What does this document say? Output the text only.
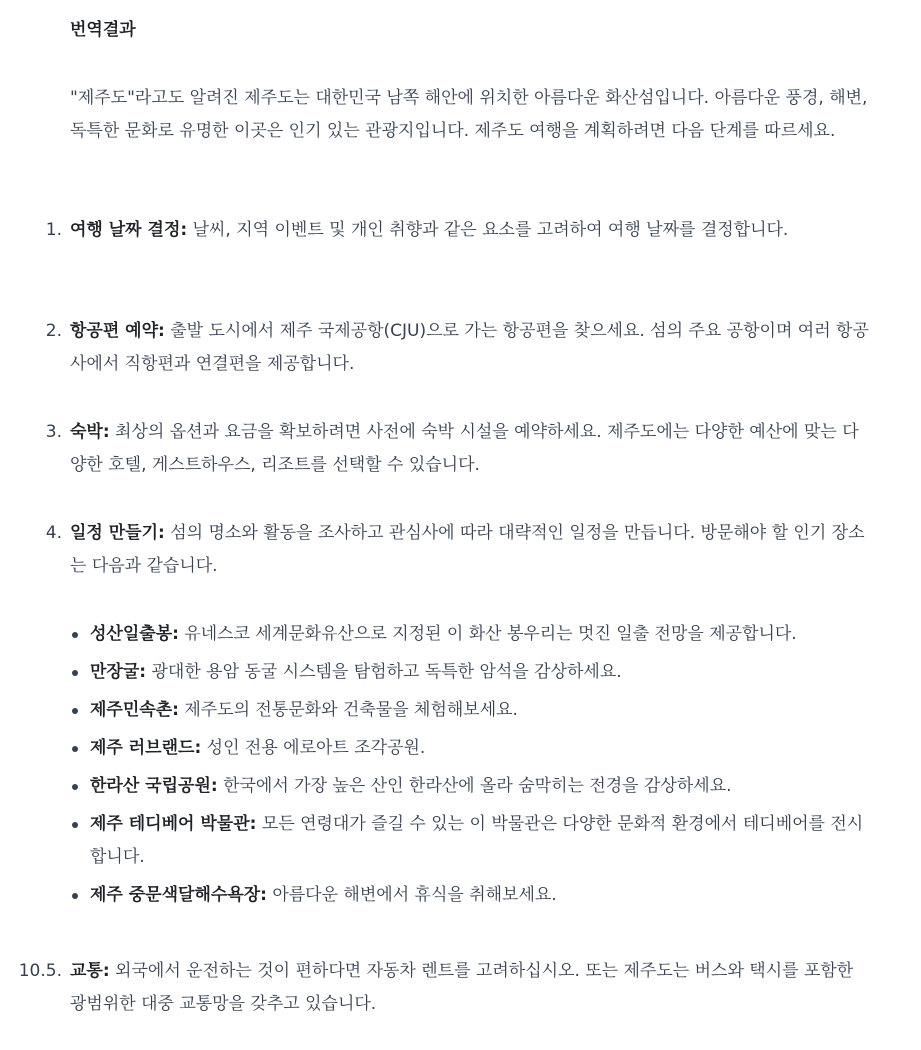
번역결과
"제주도"라고도 알려진 제주도는 대한민국 남쪽 해안에 위치한 아름다운 화산섬입니다. 아름다운 풍경, 해변, 독특한 문화로 유명한 이곳은 인기 있는 관광지입니다. 제주도 여행을 계획하려면 다음 단계를 따르세요.
1. 여행 날짜 결정: 날씨, 지역 이벤트 및 개인 취향과 같은 요소를 고려하여 여행 날짜를 결정합니다.
2. 항공편 예약: 출발 도시에서 제주 국제공항(CJU)으로 가는 항공편을 찾으세요. 섬의 주요 공항이며 여러 항공사에서 직항편과 연결편을 제공합니다.
3. 숙박: 최상의 옵션과 요금을 확보하려면 사전에 숙박 시설을 예약하세요. 제주도에는 다양한 예산에 맞는 다양한 호텔, 게스트하우스, 리조트를 선택할 수 있습니다.
4. 일정 만들기: 섬의 명소와 활동을 조사하고 관심사에 따라 대략적인 일정을 만듭니다. 방문해야 할 인기 장소는 다음과 같습니다.
성산일출봉: 유네스코 세계문화유산으로 지정된 이 화산 봉우리는 멋진 일출 전망을 제공합니다.
만장굴: 광대한 용암 동굴 시스템을 탐험하고 독특한 암석을 감상하세요.
제주민속촌: 제주도의 전통문화와 건축물을 체험해보세요.
제주 러브랜드: 성인 전용 에로아트 조각공원.
한라산 국립공원: 한국에서 가장 높은 산인 한라산에 올라 숨막히는 전경을 감상하세요.
제주 테디베어 박물관: 모든 연령대가 즐길 수 있는 이 박물관은 다양한 문화적 환경에서 테디베어를 전시합니다.
제주 중문색달해수욕장: 아름다운 해변에서 휴식을 취해보세요.
10.5. 교통: 외국에서 운전하는 것이 편하다면 자동차 렌트를 고려하십시오. 또는 제주도는 버스와 택시를 포함한 광범위한 대중 교통망을 갖추고 있습니다.
